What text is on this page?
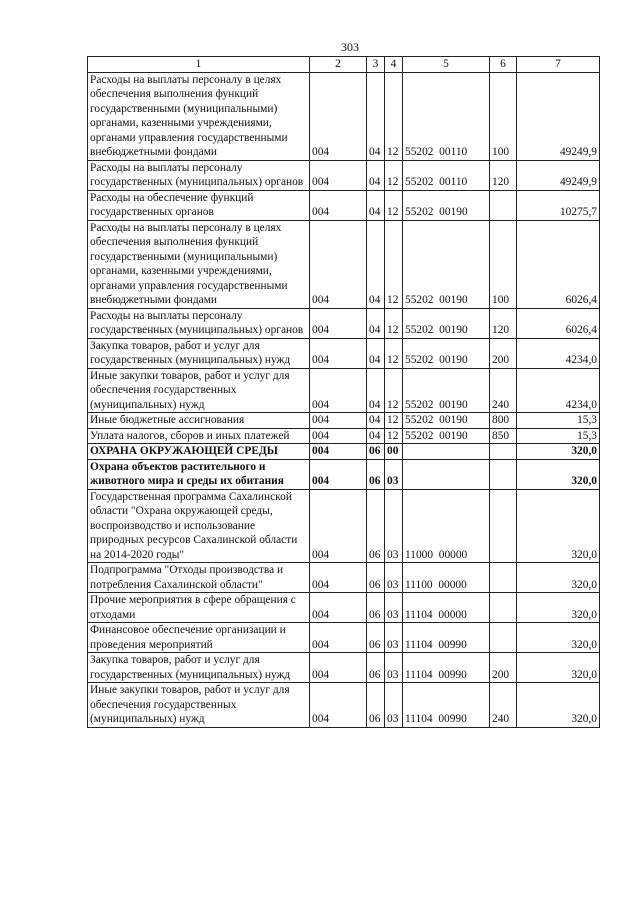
303
1	2	3	4	5	6	7
Расходы на выплаты персоналу в целях обеспечения выполнения функций государственными (муниципальными) органами, казенными учреждениями, органами управления государственными внебюджетными фондами	004	04	12	55202  00110	100	49249,9
Расходы на выплаты персоналу государственных (муниципальных) органов	004	04	12	55202  00110	120	49249,9
Расходы на обеспечение функций государственных органов	004	04	12	55202  00190		10275,7
Расходы на выплаты персоналу в целях обеспечения выполнения функций государственными (муниципальными) органами, казенными учреждениями, органами управления государственными внебюджетными фондами	004	04	12	55202  00190	100	6026,4
Расходы на выплаты персоналу государственных (муниципальных) органов	004	04	12	55202  00190	120	6026,4
Закупка товаров, работ и услуг для государственных (муниципальных) нужд	004	04	12	55202  00190	200	4234,0
Иные закупки товаров, работ и услуг для обеспечения государственных (муниципальных) нужд	004	04	12	55202  00190	240	4234,0
Иные бюджетные ассигнования	004	04	12	55202  00190	800	15,3
Уплата налогов, сборов и иных платежей	004	04	12	55202  00190	850	15,3
ОХРАНА ОКРУЖАЮЩЕЙ СРЕДЫ	004	06	00			320,0
Охрана объектов растительного и животного мира и среды их обитания	004	06	03			320,0
Государственная программа Сахалинской области "Охрана окружающей среды, воспроизводство и использование природных ресурсов Сахалинской области на 2014-2020 годы"	004	06	03	11000  00000		320,0
Подпрограмма "Отходы производства и потребления Сахалинской области"	004	06	03	11100  00000		320,0
Прочие мероприятия в сфере обращения с отходами	004	06	03	11104  00000		320,0
Финансовое обеспечение организации и проведения мероприятий	004	06	03	11104  00990		320,0
Закупка товаров, работ и услуг для государственных (муниципальных) нужд	004	06	03	11104  00990	200	320,0
Иные закупки товаров, работ и услуг для обеспечения государственных (муниципальных) нужд	004	06	03	11104  00990	240	320,0
